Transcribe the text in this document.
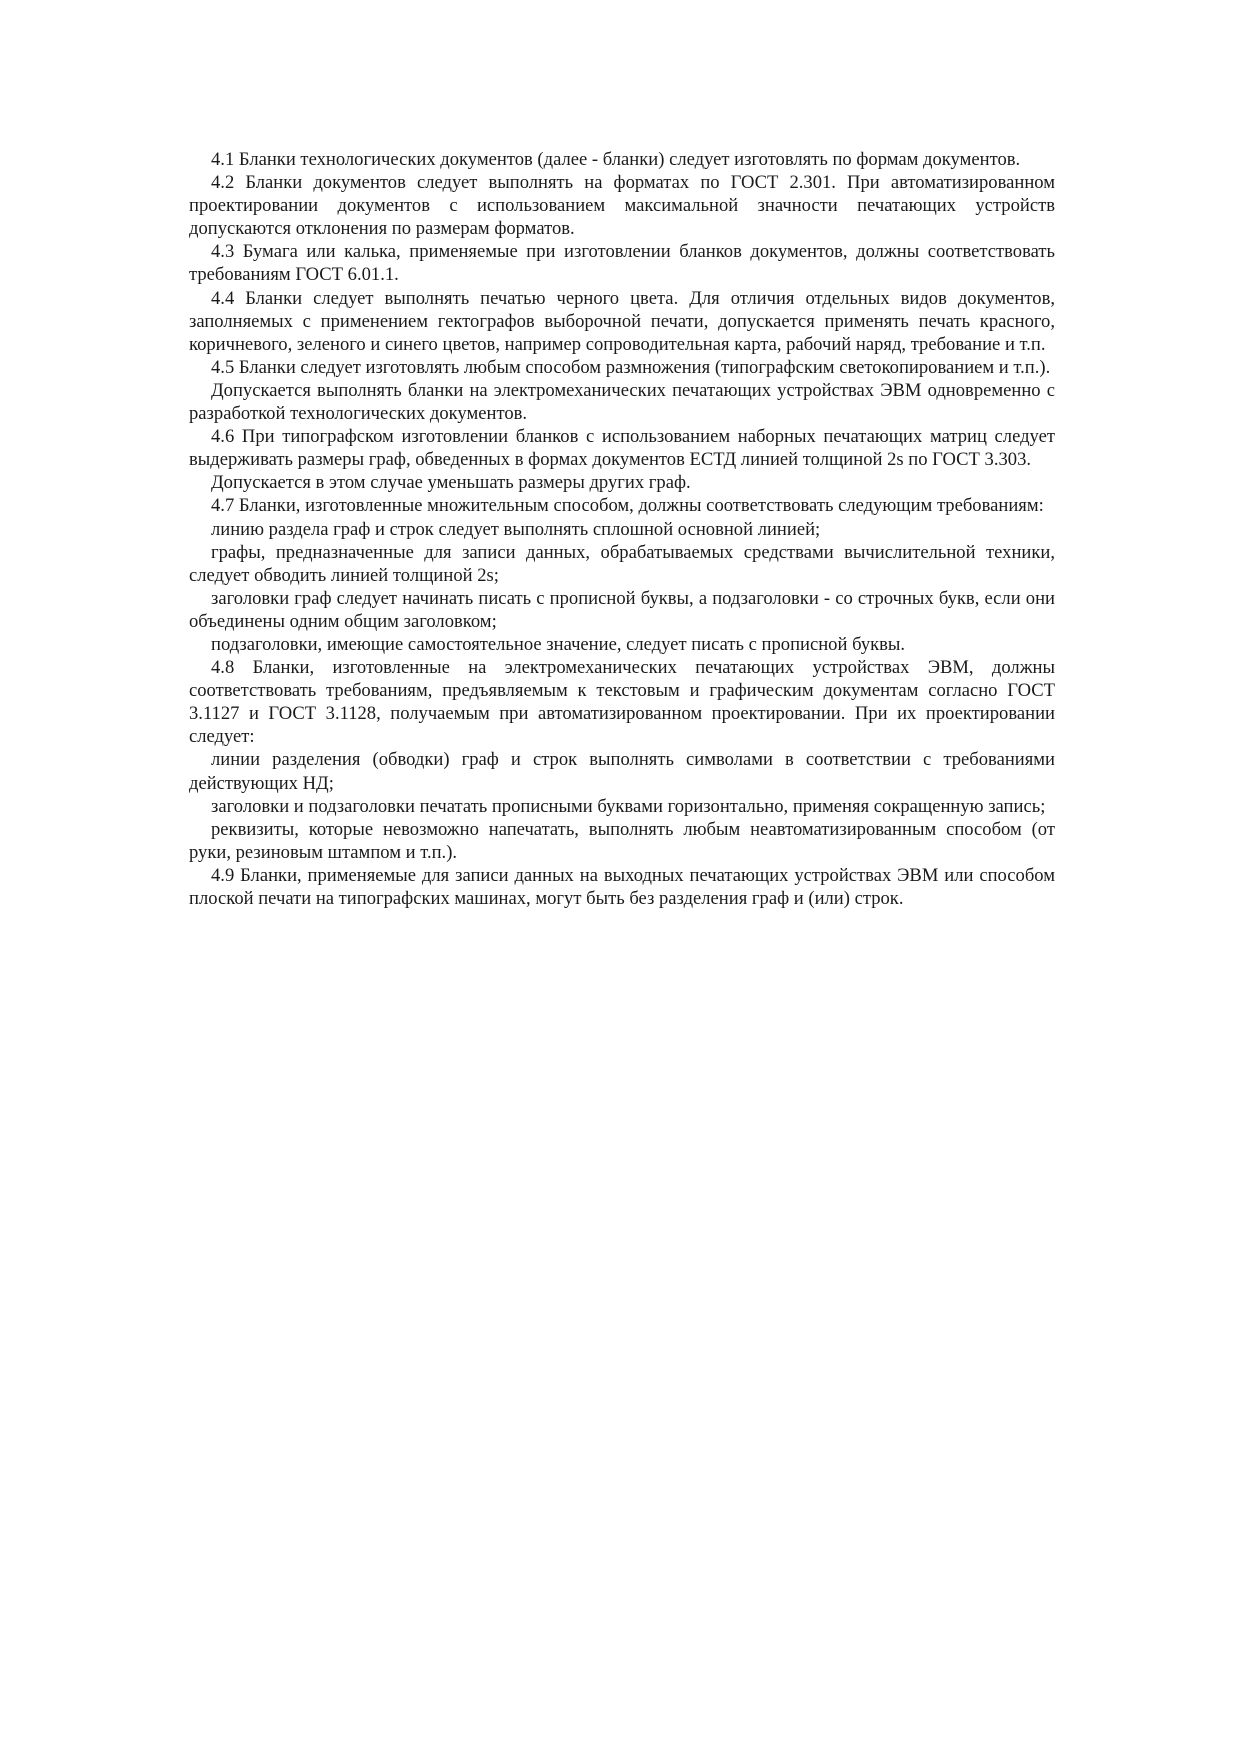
4.1 Бланки технологических документов (далее - бланки) следует изготовлять по формам документов.

4.2 Бланки документов следует выполнять на форматах по ГОСТ 2.301. При автоматизированном проектировании документов с использованием максимальной значности печатающих устройств допускаются отклонения по размерам форматов.

4.3 Бумага или калька, применяемые при изготовлении бланков документов, должны соответствовать требованиям ГОСТ 6.01.1.

4.4 Бланки следует выполнять печатью черного цвета. Для отличия отдельных видов документов, заполняемых с применением гектографов выборочной печати, допускается применять печать красного, коричневого, зеленого и синего цветов, например сопроводительная карта, рабочий наряд, требование и т.п.

4.5 Бланки следует изготовлять любым способом размножения (типографским светокопированием и т.п.).

Допускается выполнять бланки на электромеханических печатающих устройствах ЭВМ одновременно с разработкой технологических документов.

4.6 При типографском изготовлении бланков с использованием наборных печатающих матриц следует выдерживать размеры граф, обведенных в формах документов ЕСТД линией толщиной 2s по ГОСТ 3.303.

Допускается в этом случае уменьшать размеры других граф.

4.7 Бланки, изготовленные множительным способом, должны соответствовать следующим требованиям:

линию раздела граф и строк следует выполнять сплошной основной линией;

графы, предназначенные для записи данных, обрабатываемых средствами вычислительной техники, следует обводить линией толщиной 2s;

заголовки граф следует начинать писать с прописной буквы, а подзаголовки - со строчных букв, если они объединены одним общим заголовком;

подзаголовки, имеющие самостоятельное значение, следует писать с прописной буквы.

4.8 Бланки, изготовленные на электромеханических печатающих устройствах ЭВМ, должны соответствовать требованиям, предъявляемым к текстовым и графическим документам согласно ГОСТ 3.1127 и ГОСТ 3.1128, получаемым при автоматизированном проектировании. При их проектировании следует:

линии разделения (обводки) граф и строк выполнять символами в соответствии с требованиями действующих НД;

заголовки и подзаголовки печатать прописными буквами горизонтально, применяя сокращенную запись;

реквизиты, которые невозможно напечатать, выполнять любым неавтоматизированным способом (от руки, резиновым штампом и т.п.).

4.9 Бланки, применяемые для записи данных на выходных печатающих устройствах ЭВМ или способом плоской печати на типографских машинах, могут быть без разделения граф и (или) строк.
